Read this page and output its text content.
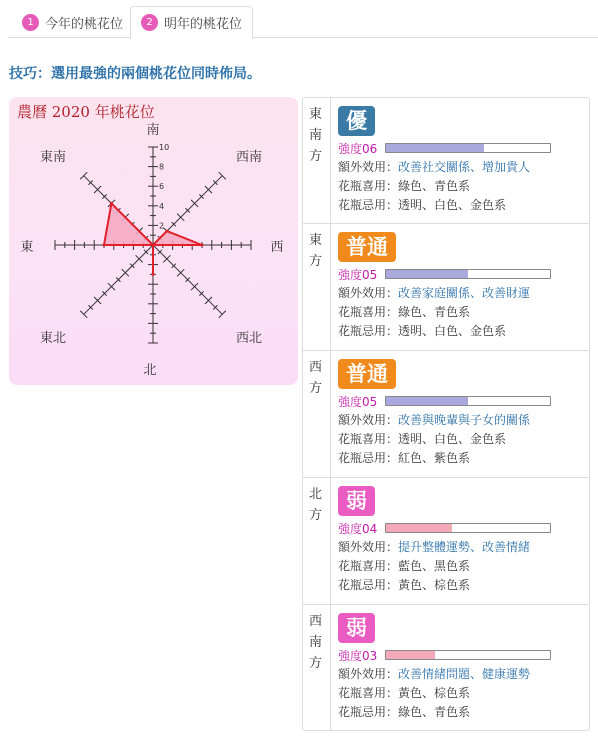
1 今年的桃花位	2 明年的桃花位
技巧：選用最強的兩個桃花位同時佈局。
農曆 2020 年桃花位
2
4
6
8
10
南
西南
西
西北
北
東北
東
東南
東南方
優
強度06
額外效用：改善社交關係、增加貴人
花瓶喜用：綠色、青色系
花瓶忌用：透明、白色、金色系
東方
普通
強度05
額外效用：改善家庭關係、改善財運
花瓶喜用：綠色、青色系
花瓶忌用：透明、白色、金色系
西方
普通
強度05
額外效用：改善與晚輩與子女的關係
花瓶喜用：透明、白色、金色系
花瓶忌用：紅色、紫色系
北方
弱
強度04
額外效用：提升整體運勢、改善情緒
花瓶喜用：藍色、黑色系
花瓶忌用：黃色、棕色系
西南方
弱
強度03
額外效用：改善情緒問題、健康運勢
花瓶喜用：黃色、棕色系
花瓶忌用：綠色、青色系
